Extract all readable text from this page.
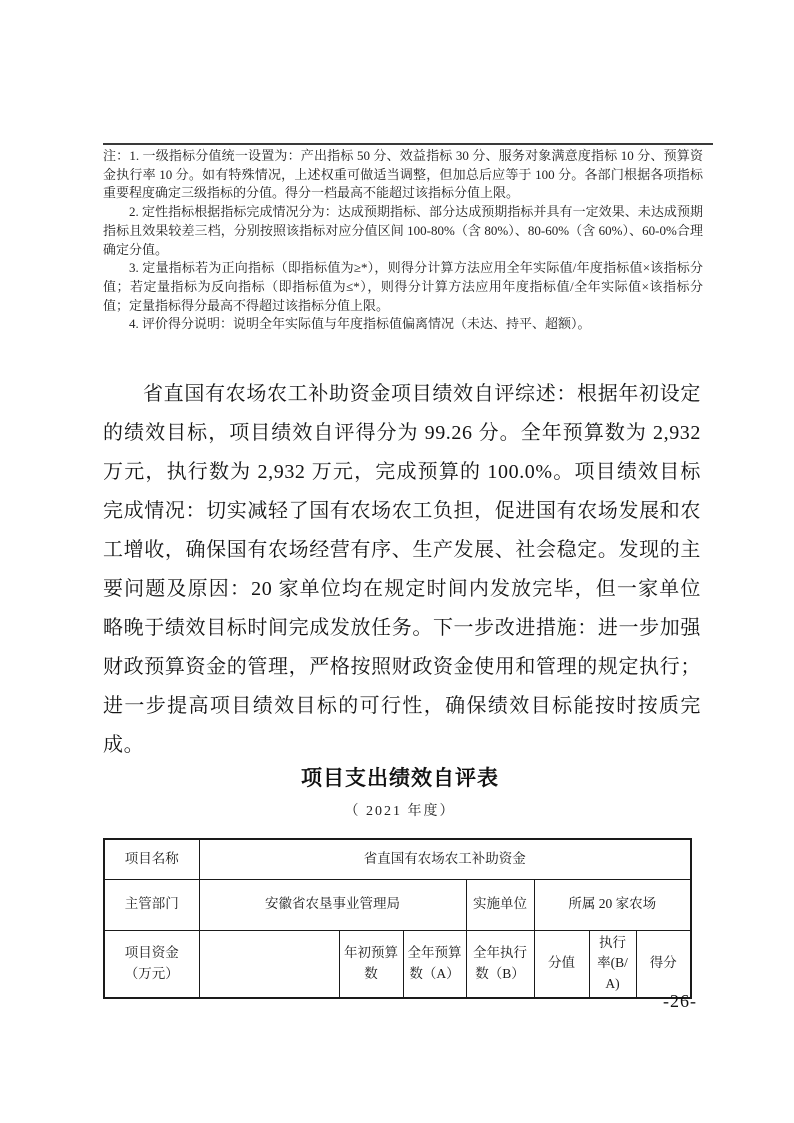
注：1. 一级指标分值统一设置为：产出指标 50 分、效益指标 30 分、服务对象满意度指标 10 分、预算资金执行率 10 分。如有特殊情况，上述权重可做适当调整，但加总后应等于 100 分。各部门根据各项指标重要程度确定三级指标的分值。得分一档最高不能超过该指标分值上限。

2. 定性指标根据指标完成情况分为：达成预期指标、部分达成预期指标并具有一定效果、未达成预期指标且效果较差三档，分别按照该指标对应分值区间 100-80%（含 80%）、80-60%（含 60%）、60-0%合理确定分值。

3. 定量指标若为正向指标（即指标值为≥*），则得分计算方法应用全年实际值/年度指标值×该指标分值；若定量指标为反向指标（即指标值为≤*），则得分计算方法应用年度指标值/全年实际值×该指标分值；定量指标得分最高不得超过该指标分值上限。

4. 评价得分说明：说明全年实际值与年度指标值偏离情况（未达、持平、超额）。

省直国有农场农工补助资金项目绩效自评综述：根据年初设定的绩效目标，项目绩效自评得分为 99.26 分。全年预算数为 2,932 万元，执行数为 2,932 万元，完成预算的 100.0%。项目绩效目标完成情况：切实减轻了国有农场农工负担，促进国有农场发展和农工增收，确保国有农场经营有序、生产发展、社会稳定。发现的主要问题及原因：20 家单位均在规定时间内发放完毕，但一家单位略晚于绩效目标时间完成发放任务。下一步改进措施：进一步加强财政预算资金的管理，严格按照财政资金使用和管理的规定执行；进一步提高项目绩效目标的可行性，确保绩效目标能按时按质完成。

项目支出绩效自评表
（ 2021 年度）
项目名称	省直国有农场农工补助资金						
主管部门	安徽省农垦事业管理局			实施单位	所属 20 家农场		
项目资金
（万元）		年初预算数	全年预算数（A）	全年执行数（B）	分值	执行率(B/A)	得分
-26-
